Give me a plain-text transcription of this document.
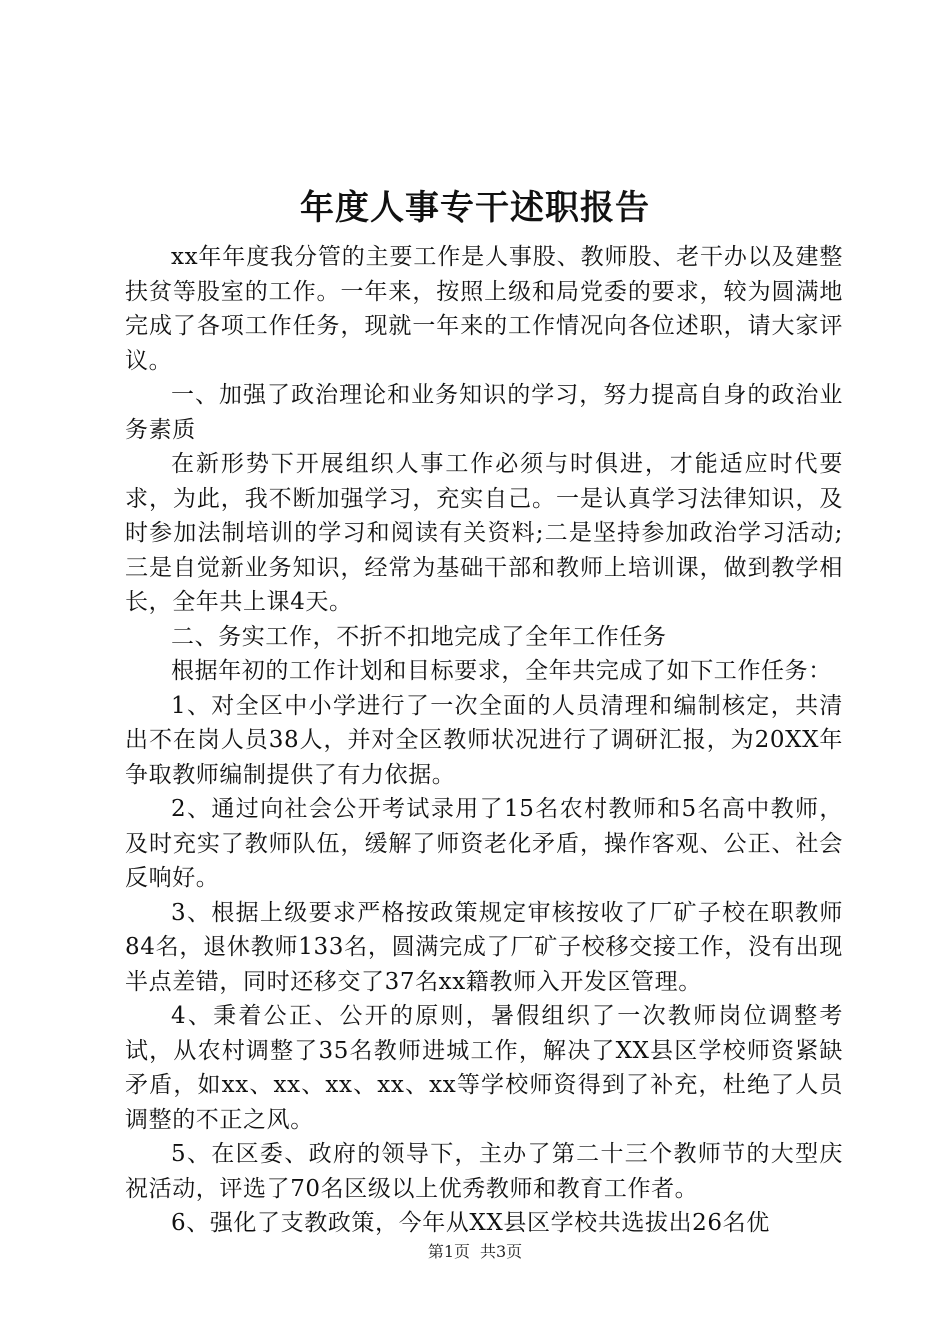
年度人事专干述职报告

xx年年度我分管的主要工作是人事股、教师股、老干办以及建整扶贫等股室的工作。一年来，按照上级和局党委的要求，较为圆满地完成了各项工作任务，现就一年来的工作情况向各位述职，请大家评议。

一、加强了政治理论和业务知识的学习，努力提高自身的政治业务素质

在新形势下开展组织人事工作必须与时俱进，才能适应时代要求，为此，我不断加强学习，充实自己。一是认真学习法律知识，及时参加法制培训的学习和阅读有关资料;二是坚持参加政治学习活动;三是自觉新业务知识，经常为基础干部和教师上培训课，做到教学相长，全年共上课4天。

二、务实工作，不折不扣地完成了全年工作任务

根据年初的工作计划和目标要求，全年共完成了如下工作任务：

1、对全区中小学进行了一次全面的人员清理和编制核定，共清出不在岗人员38人，并对全区教师状况进行了调研汇报，为20XX年争取教师编制提供了有力依据。

2、通过向社会公开考试录用了15名农村教师和5名高中教师，及时充实了教师队伍，缓解了师资老化矛盾，操作客观、公正、社会反响好。

3、根据上级要求严格按政策规定审核按收了厂矿子校在职教师84名，退休教师133名，圆满完成了厂矿子校移交接工作，没有出现半点差错，同时还移交了37名xx籍教师入开发区管理。

4、秉着公正、公开的原则，暑假组织了一次教师岗位调整考试，从农村调整了35名教师进城工作，解决了XX县区学校师资紧缺矛盾，如xx、xx、xx、xx、xx等学校师资得到了补充，杜绝了人员调整的不正之风。

5、在区委、政府的领导下，主办了第二十三个教师节的大型庆祝活动，评选了70名区级以上优秀教师和教育工作者。

6、强化了支教政策，今年从XX县区学校共选拔出26名优

第1页 共3页
